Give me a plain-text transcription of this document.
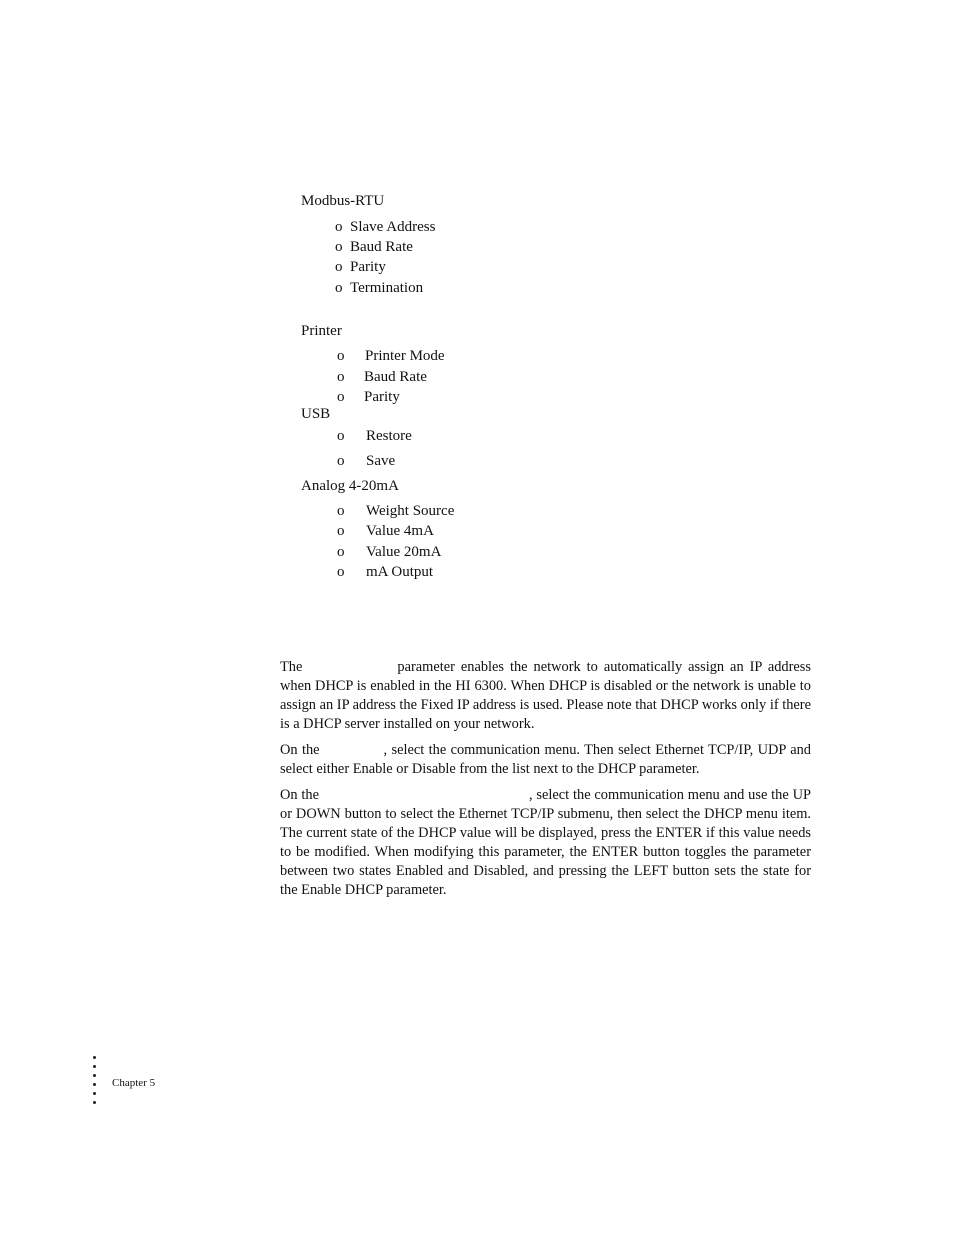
Modbus-RTU
o Slave Address
o Baud Rate
o Parity
o Termination
Printer
o Printer Mode
o Baud Rate
o Parity
USB
o Restore
o Save
Analog 4-20mA
o Weight Source
o Value 4mA
o Value 20mA
o mA Output

The	parameter enables the network to automatically assign an IP address when DHCP is enabled in the HI 6300. When DHCP is disabled or the network is unable to assign an IP address the Fixed IP address is used. Please note that DHCP works only if there is a DHCP server installed on your network.

On the	, select the communication menu. Then select Ethernet TCP/IP, UDP and select either Enable or Disable from the list next to the DHCP parameter.

On the	, select the communication menu and use the UP or DOWN button to select the Ethernet TCP/IP submenu, then select the DHCP menu item. The current state of the DHCP value will be displayed, press the ENTER if this value needs to be modified. When modifying this parameter, the ENTER button toggles the parameter between two states Enabled and Disabled, and pressing the LEFT button sets the state for the Enable DHCP parameter.

Chapter 5
